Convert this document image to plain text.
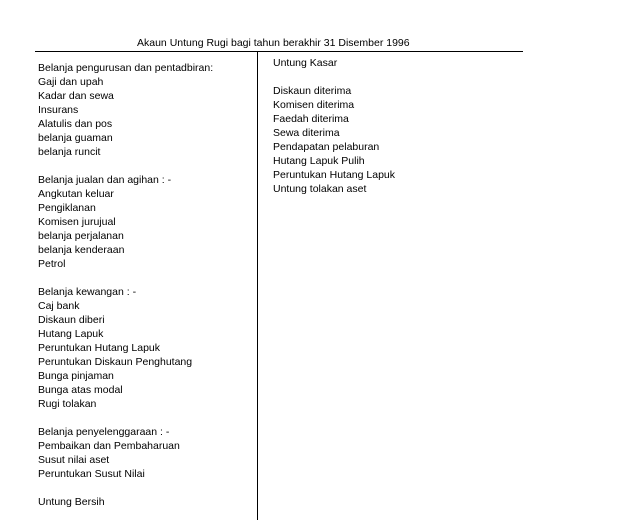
Akaun Untung Rugi bagi tahun berakhir 31 Disember 1996
Belanja pengurusan dan pentadbiran:
Gaji dan upah
Kadar dan sewa
Insurans
Alatulis dan pos
belanja guaman
belanja runcit
Belanja jualan dan agihan : -
Angkutan keluar
Pengiklanan
Komisen jurujual
belanja perjalanan
belanja kenderaan
Petrol
Belanja kewangan : -
Caj bank
Diskaun diberi
Hutang Lapuk
Peruntukan Hutang Lapuk
Peruntukan Diskaun Penghutang
Bunga pinjaman
Bunga atas modal
Rugi tolakan
Belanja penyelenggaraan : -
Pembaikan dan Pembaharuan
Susut nilai aset
Peruntukan Susut Nilai
Untung Bersih
Untung Kasar
Diskaun diterima
Komisen diterima
Faedah diterima
Sewa diterima
Pendapatan pelaburan
Hutang Lapuk Pulih
Peruntukan Hutang Lapuk
Untung tolakan aset
